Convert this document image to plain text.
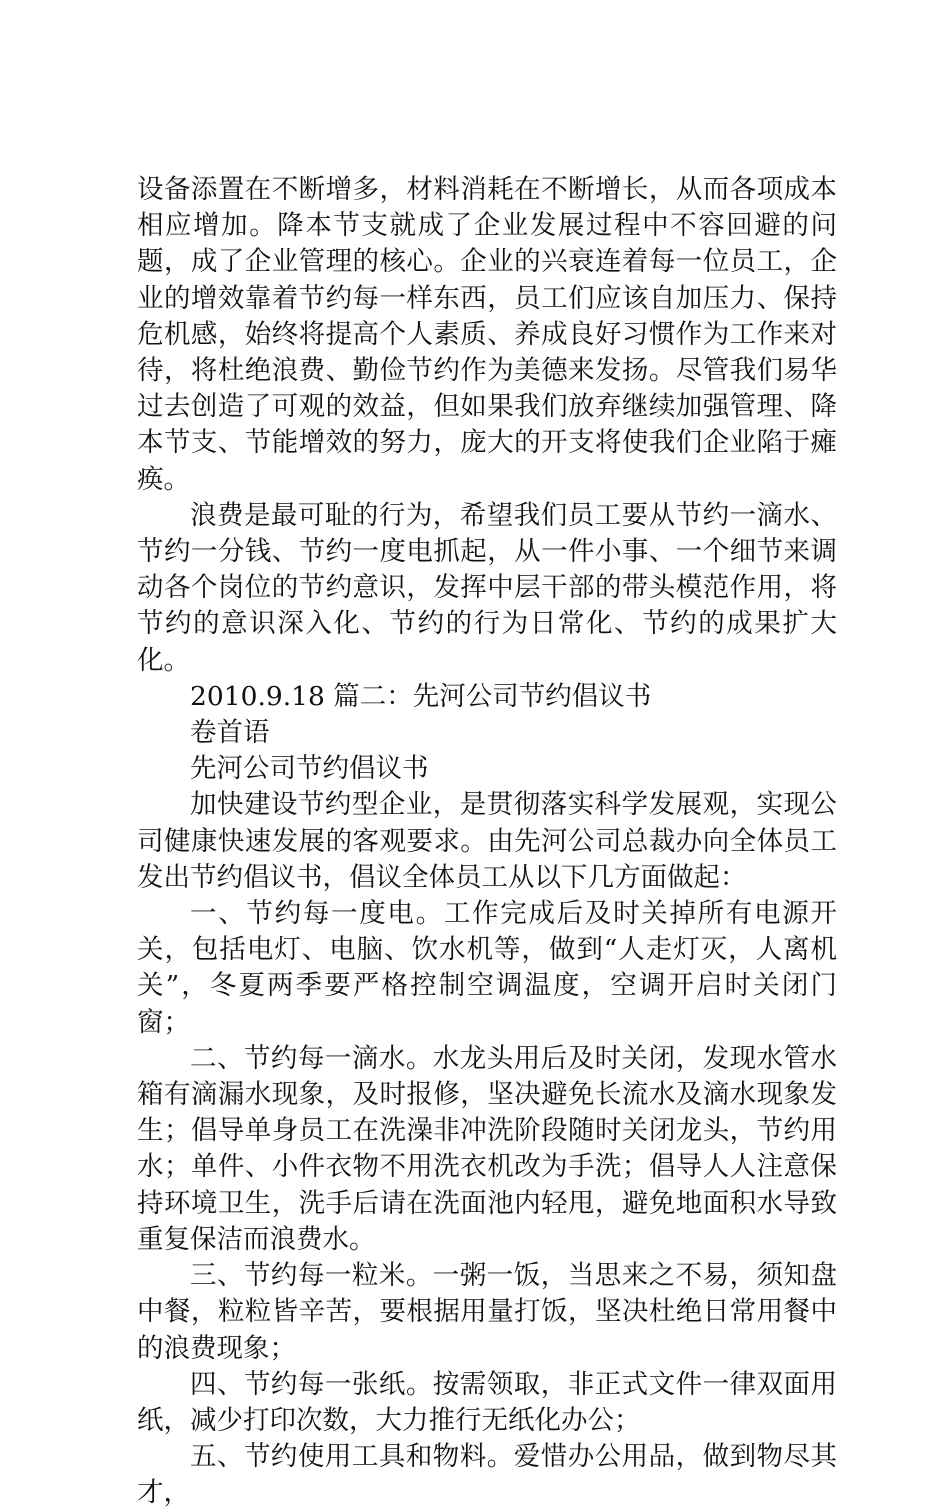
设备添置在不断增多，材料消耗在不断增长，从而各项成本相应增加。降本节支就成了企业发展过程中不容回避的问题，成了企业管理的核心。企业的兴衰连着每一位员工，企业的增效靠着节约每一样东西，员工们应该自加压力、保持危机感，始终将提高个人素质、养成良好习惯作为工作来对待，将杜绝浪费、勤俭节约作为美德来发扬。尽管我们易华过去创造了可观的效益，但如果我们放弃继续加强管理、降本节支、节能增效的努力，庞大的开支将使我们企业陷于瘫痪。

浪费是最可耻的行为，希望我们员工要从节约一滴水、节约一分钱、节约一度电抓起，从一件小事、一个细节来调动各个岗位的节约意识，发挥中层干部的带头模范作用，将节约的意识深入化、节约的行为日常化、节约的成果扩大化。

2010.9.18 篇二：先河公司节约倡议书

卷首语

先河公司节约倡议书

加快建设节约型企业，是贯彻落实科学发展观，实现公司健康快速发展的客观要求。由先河公司总裁办向全体员工发出节约倡议书，倡议全体员工从以下几方面做起：

一、节约每一度电。工作完成后及时关掉所有电源开关，包括电灯、电脑、饮水机等，做到“人走灯灭，人离机关”，冬夏两季要严格控制空调温度，空调开启时关闭门窗；

二、节约每一滴水。水龙头用后及时关闭，发现水管水箱有滴漏水现象，及时报修，坚决避免长流水及滴水现象发生；倡导单身员工在洗澡非冲洗阶段随时关闭龙头，节约用水；单件、小件衣物不用洗衣机改为手洗；倡导人人注意保持环境卫生，洗手后请在洗面池内轻甩，避免地面积水导致重复保洁而浪费水。

三、节约每一粒米。一粥一饭，当思来之不易，须知盘中餐，粒粒皆辛苦，要根据用量打饭，坚决杜绝日常用餐中的浪费现象；

四、节约每一张纸。按需领取，非正式文件一律双面用纸，减少打印次数，大力推行无纸化办公；

五、节约使用工具和物料。爱惜办公用品，做到物尽其才，
